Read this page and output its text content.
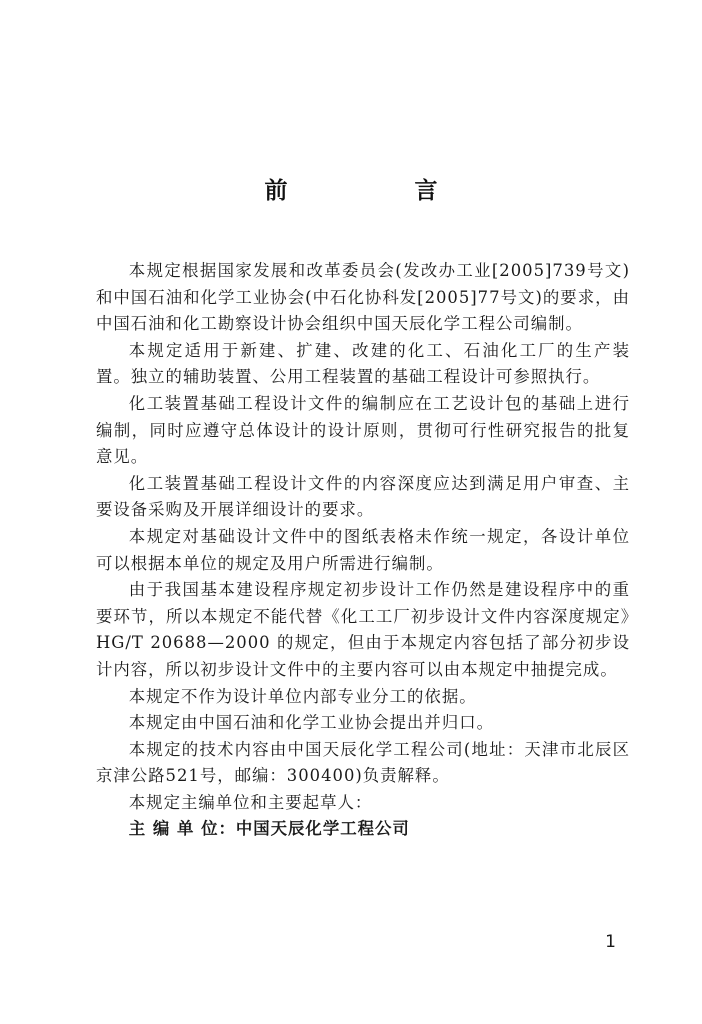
前　言

本规定根据国家发展和改革委员会(发改办工业[2005]739号文)和中国石油和化学工业协会(中石化协科发[2005]77号文)的要求，由中国石油和化工勘察设计协会组织中国天辰化学工程公司编制。

本规定适用于新建、扩建、改建的化工、石油化工厂的生产装置。独立的辅助装置、公用工程装置的基础工程设计可参照执行。

化工装置基础工程设计文件的编制应在工艺设计包的基础上进行编制，同时应遵守总体设计的设计原则，贯彻可行性研究报告的批复意见。

化工装置基础工程设计文件的内容深度应达到满足用户审查、主要设备采购及开展详细设计的要求。

本规定对基础设计文件中的图纸表格未作统一规定，各设计单位可以根据本单位的规定及用户所需进行编制。

由于我国基本建设程序规定初步设计工作仍然是建设程序中的重要环节，所以本规定不能代替《化工工厂初步设计文件内容深度规定》HG/T 20688—2000 的规定，但由于本规定内容包括了部分初步设计内容，所以初步设计文件中的主要内容可以由本规定中抽提完成。

本规定不作为设计单位内部专业分工的依据。

本规定由中国石油和化学工业协会提出并归口。

本规定的技术内容由中国天辰化学工程公司(地址：天津市北辰区京津公路521号，邮编：300400)负责解释。

本规定主编单位和主要起草人：

主 编 单 位：中国天辰化学工程公司

1
